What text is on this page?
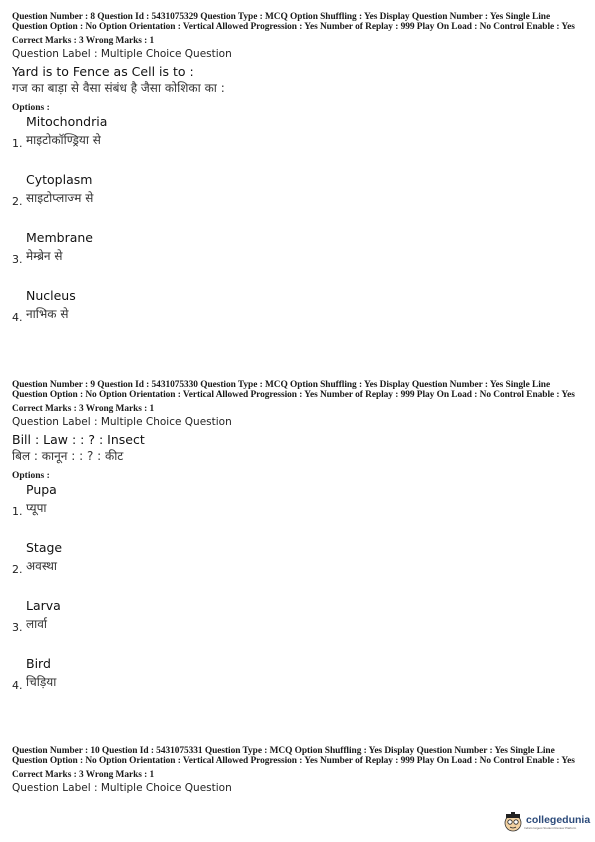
Question Number : 8 Question Id : 5431075329 Question Type : MCQ Option Shuffling : Yes Display Question Number : Yes Single Line Question Option : No Option Orientation : Vertical Allowed Progression : Yes Number of Replay : 999 Play On Load : No Control Enable : Yes
Correct Marks : 3 Wrong Marks : 1
Question Label : Multiple Choice Question
Yard is to Fence as Cell is to :
गज का बाड़ा से वैसा संबंध है जैसा कोशिका का :
Options :
Mitochondria
माइटोकॉण्ड्रिया से
1.
Cytoplasm
साइटोप्लाज्म से
2.
Membrane
मेम्ब्रेन से
3.
Nucleus
नाभिक से
4.
Question Number : 9 Question Id : 5431075330 Question Type : MCQ Option Shuffling : Yes Display Question Number : Yes Single Line Question Option : No Option Orientation : Vertical Allowed Progression : Yes Number of Replay : 999 Play On Load : No Control Enable : Yes
Correct Marks : 3 Wrong Marks : 1
Question Label : Multiple Choice Question
Bill : Law : : ? : Insect
बिल : कानून : : ? : कीट
Options :
Pupa
प्यूपा
1.
Stage
अवस्था
2.
Larva
लार्वा
3.
Bird
चिड़िया
4.
Question Number : 10 Question Id : 5431075331 Question Type : MCQ Option Shuffling : Yes Display Question Number : Yes Single Line Question Option : No Option Orientation : Vertical Allowed Progression : Yes Number of Replay : 999 Play On Load : No Control Enable : Yes
Correct Marks : 3 Wrong Marks : 1
Question Label : Multiple Choice Question
collegedunia
India's largest Student Review Platform
